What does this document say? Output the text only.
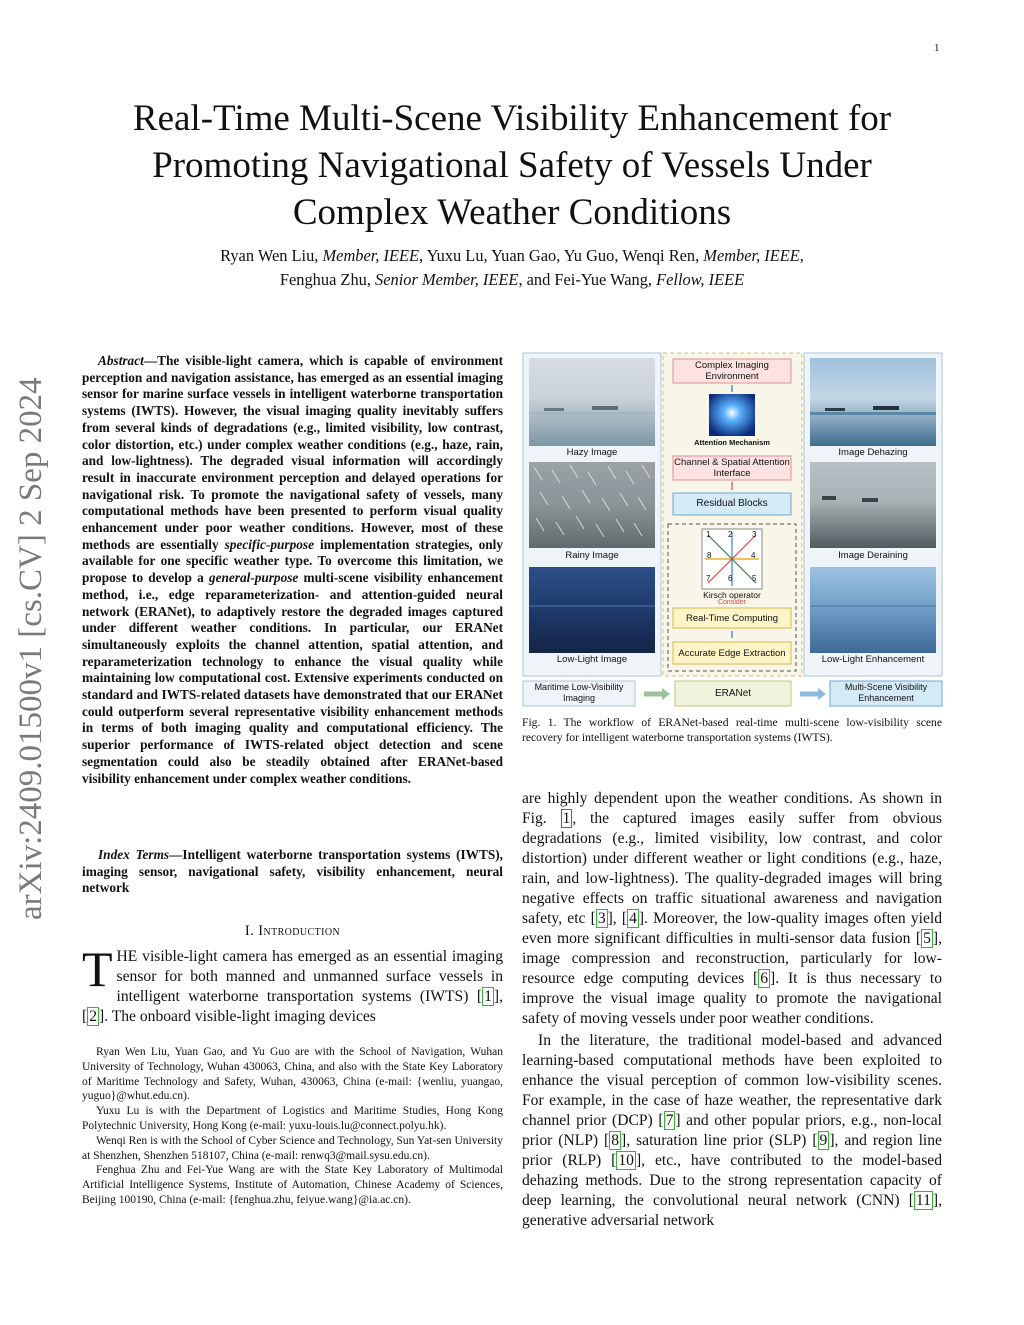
1
Real-Time Multi-Scene Visibility Enhancement for
Promoting Navigational Safety of Vessels Under
Complex Weather Conditions
Ryan Wen Liu, Member, IEEE, Yuxu Lu, Yuan Gao, Yu Guo, Wenqi Ren, Member, IEEE,
Fenghua Zhu, Senior Member, IEEE, and Fei-Yue Wang, Fellow, IEEE
arXiv:2409.01500v1 [cs.CV] 2 Sep 2024
Abstract—The visible-light camera, which is capable of environment perception and navigation assistance, has emerged as an essential imaging sensor for marine surface vessels in intelligent waterborne transportation systems (IWTS). However, the visual imaging quality inevitably suffers from several kinds of degradations (e.g., limited visibility, low contrast, color distortion, etc.) under complex weather conditions (e.g., haze, rain, and low-lightness). The degraded visual information will accordingly result in inaccurate environment perception and delayed operations for navigational risk. To promote the navigational safety of vessels, many computational methods have been presented to perform visual quality enhancement under poor weather conditions. However, most of these methods are essentially specific-purpose implementation strategies, only available for one specific weather type. To overcome this limitation, we propose to develop a general-purpose multi-scene visibility enhancement method, i.e., edge reparameterization- and attention-guided neural network (ERANet), to adaptively restore the degraded images captured under different weather conditions. In particular, our ERANet simultaneously exploits the channel attention, spatial attention, and reparameterization technology to enhance the visual quality while maintaining low computational cost. Extensive experiments conducted on standard and IWTS-related datasets have demonstrated that our ERANet could outperform several representative visibility enhancement methods in terms of both imaging quality and computational efficiency. The superior performance of IWTS-related object detection and scene segmentation could also be steadily obtained after ERANet-based visibility enhancement under complex weather conditions.
Index Terms—Intelligent waterborne transportation systems (IWTS), imaging sensor, navigational safety, visibility enhancement, neural network
I. Introduction
THE visible-light camera has emerged as an essential imaging sensor for both manned and unmanned surface vessels in intelligent waterborne transportation systems (IWTS) [ 1 ], [ 2 ]. The onboard visible-light imaging devices

Ryan Wen Liu, Yuan Gao, and Yu Guo are with the School of Navigation, Wuhan University of Technology, Wuhan 430063, China, and also with the State Key Laboratory of Maritime Technology and Safety, Wuhan, 430063, China (e-mail: {wenliu, yuangao, yuguo}@whut.edu.cn).

Yuxu Lu is with the Department of Logistics and Maritime Studies, Hong Kong Polytechnic University, Hong Kong (e-mail: yuxu-louis.lu@connect.polyu.hk).

Wenqi Ren is with the School of Cyber Science and Technology, Sun Yat-sen University at Shenzhen, Shenzhen 518107, China (e-mail: renwq3@mail.sysu.edu.cn).

Fenghua Zhu and Fei-Yue Wang are with the State Key Laboratory of Multimodal Artificial Intelligence Systems, Institute of Automation, Chinese Academy of Sciences, Beijing 100190, China (e-mail: {fenghua.zhu, feiyue.wang}@ia.ac.cn).

Hazy Image
Rainy Image
Low-Light Image
Image Dehazing
Image Deraining
Low-Light Enhancement
Complex Imaging Environment
Attention Mechanism
Channel & Spatial Attention Interface
Residual Blocks
1 2 3
4
5
6
7
8
Kirsch operator
Consider
Real-Time Computing
Accurate Edge Extraction
Maritime Low-Visibility Imaging	ERANet
Multi-Scene Visibility Enhancement
Fig. 1. The workflow of ERANet-based real-time multi-scene low-visibility scene recovery for intelligent waterborne transportation systems (IWTS).

are highly dependent upon the weather conditions. As shown in Fig. 1 , the captured images easily suffer from obvious degradations (e.g., limited visibility, low contrast, and color distortion) under different weather or light conditions (e.g., haze, rain, and low-lightness). The quality-degraded images will bring negative effects on traffic situational awareness and navigation safety, etc [ 3 ], [ 4 ]. Moreover, the low-quality images often yield even more significant difficulties in multi-sensor data fusion [ 5 ], image compression and reconstruction, particularly for low-resource edge computing devices [ 6 ]. It is thus necessary to improve the visual image quality to promote the navigational safety of moving vessels under poor weather conditions.

In the literature, the traditional model-based and advanced learning-based computational methods have been exploited to enhance the visual perception of common low-visibility scenes. For example, in the case of haze weather, the representative dark channel prior (DCP) [ 7 ] and other popular priors, e.g., non-local prior (NLP) [ 8 ], saturation line prior (SLP) [ 9 ], and region line prior (RLP) [ 10 ], etc., have contributed to the model-based dehazing methods. Due to the strong representation capacity of deep learning, the convolutional neural network (CNN) [ 11 ], generative adversarial network
